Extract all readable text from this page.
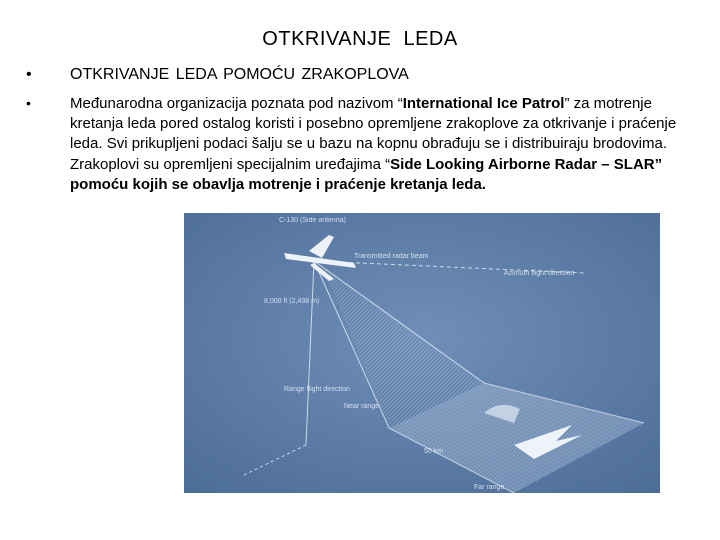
OTKRIVANJE LEDA
• OTKRIVANJE LEDA POMOĆU ZRAKOPLOVA
•	Međunarodna organizacija poznata pod nazivom “International Ice Patrol” za motrenje kretanja leda pored ostalog koristi i posebno opremljene zrakoplove za otkrivanje i praćenje leda. Svi prikupljeni podaci šalju se u bazu na kopnu obrađuju se i distribuiraju brodovima. Zrakoplovi su opremljeni specijalnim uređajima “Side Looking Airborne Radar – SLAR” pomoću kojih se obavlja motrenje i praćenje kretanja leda.
C-130 (Side antenna)
Transmitted radar beam
Azimuth flight direction
8,000 ft (2,438 m)
Range flight direction
Near range
50 km
Far range
